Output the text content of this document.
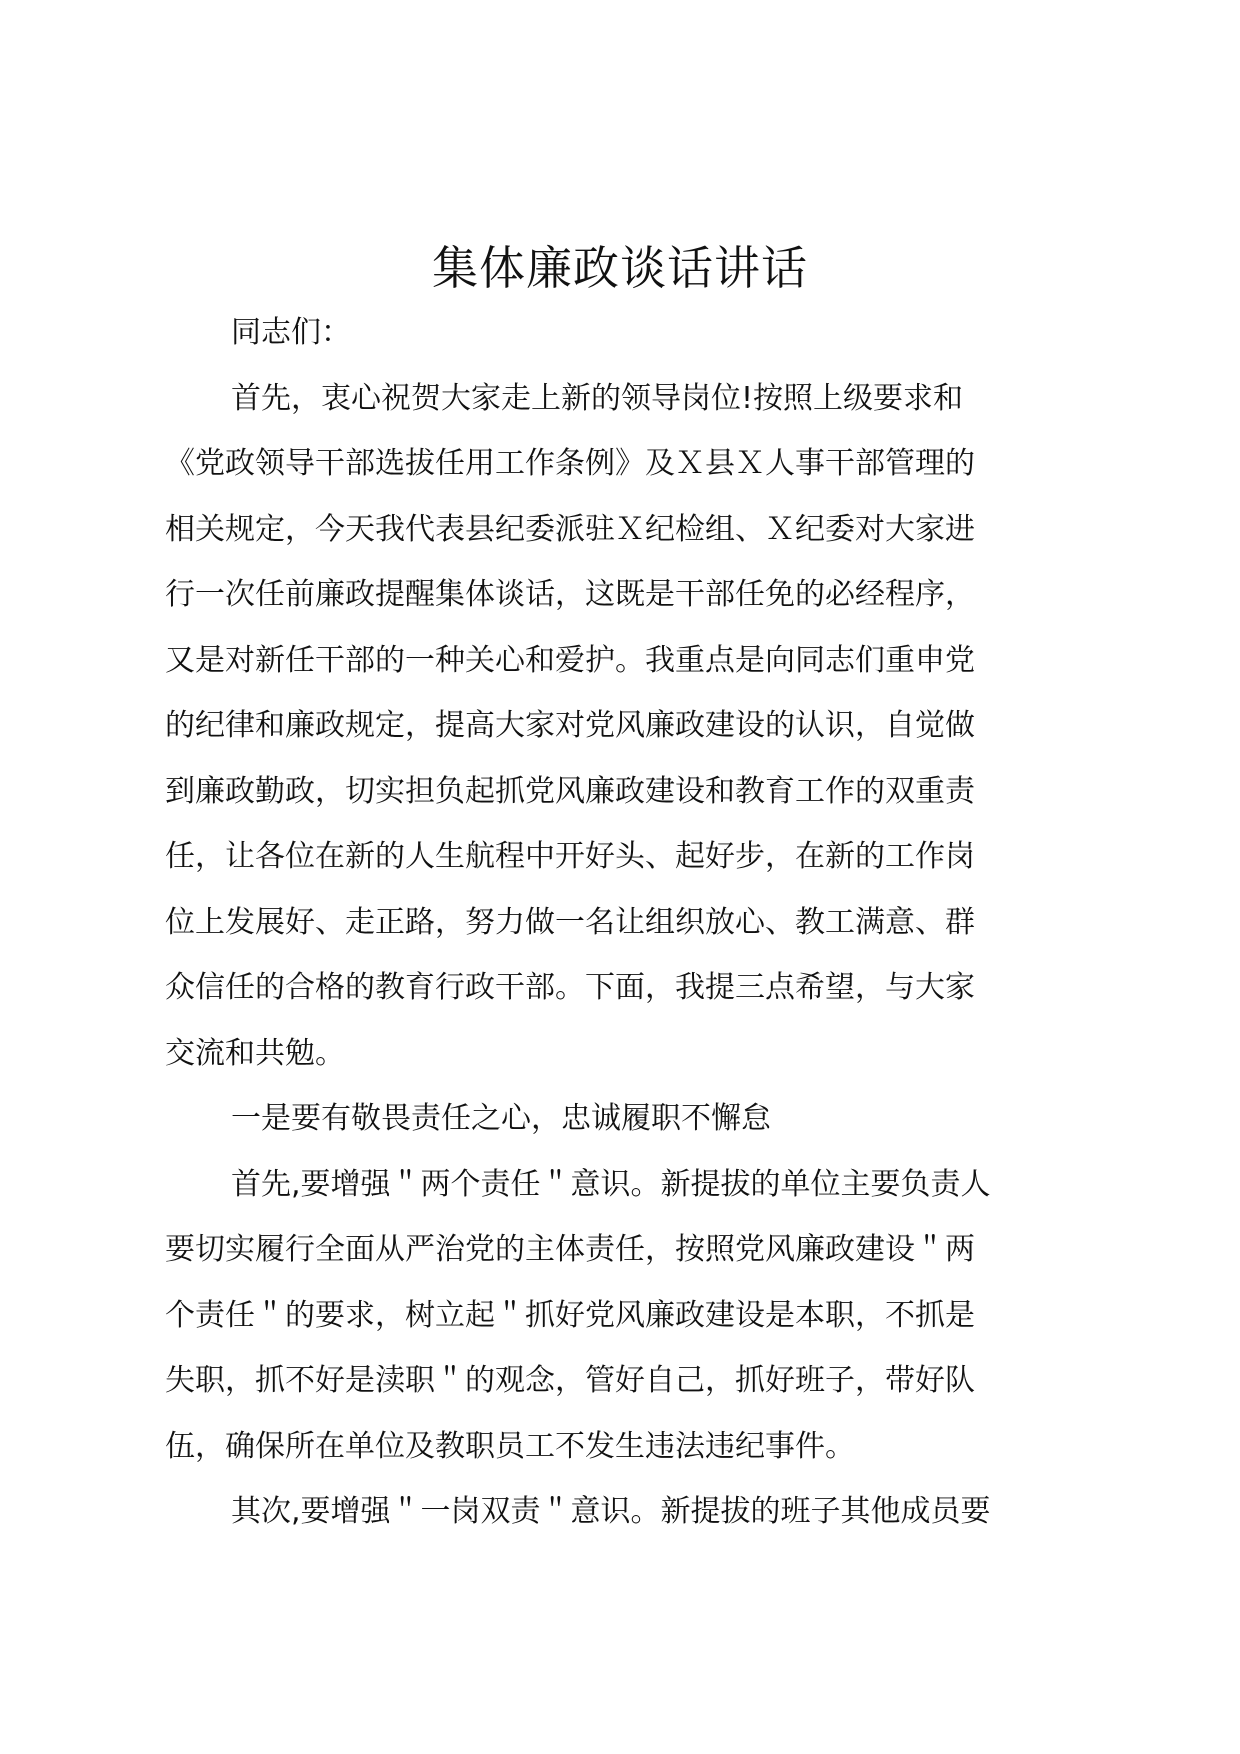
集体廉政谈话讲话
同志们：
首先，衷心祝贺大家走上新的领导岗位!按照上级要求和
《党政领导干部选拔任用工作条例》及Ｘ县Ｘ人事干部管理的
相关规定，今天我代表县纪委派驻Ｘ纪检组、Ｘ纪委对大家进
行一次任前廉政提醒集体谈话，这既是干部任免的必经程序，
又是对新任干部的一种关心和爱护。我重点是向同志们重申党
的纪律和廉政规定，提高大家对党风廉政建设的认识，自觉做
到廉政勤政，切实担负起抓党风廉政建设和教育工作的双重责
任，让各位在新的人生航程中开好头、起好步，在新的工作岗
位上发展好、走正路，努力做一名让组织放心、教工满意、群
众信任的合格的教育行政干部。下面，我提三点希望，与大家
交流和共勉。
一是要有敬畏责任之心，忠诚履职不懈怠
首先,要增强＂两个责任＂意识。新提拔的单位主要负责人
要切实履行全面从严治党的主体责任，按照党风廉政建设＂两
个责任＂的要求，树立起＂抓好党风廉政建设是本职，不抓是
失职，抓不好是渎职＂的观念，管好自己，抓好班子，带好队
伍，确保所在单位及教职员工不发生违法违纪事件。
其次,要增强＂一岗双责＂意识。新提拔的班子其他成员要
